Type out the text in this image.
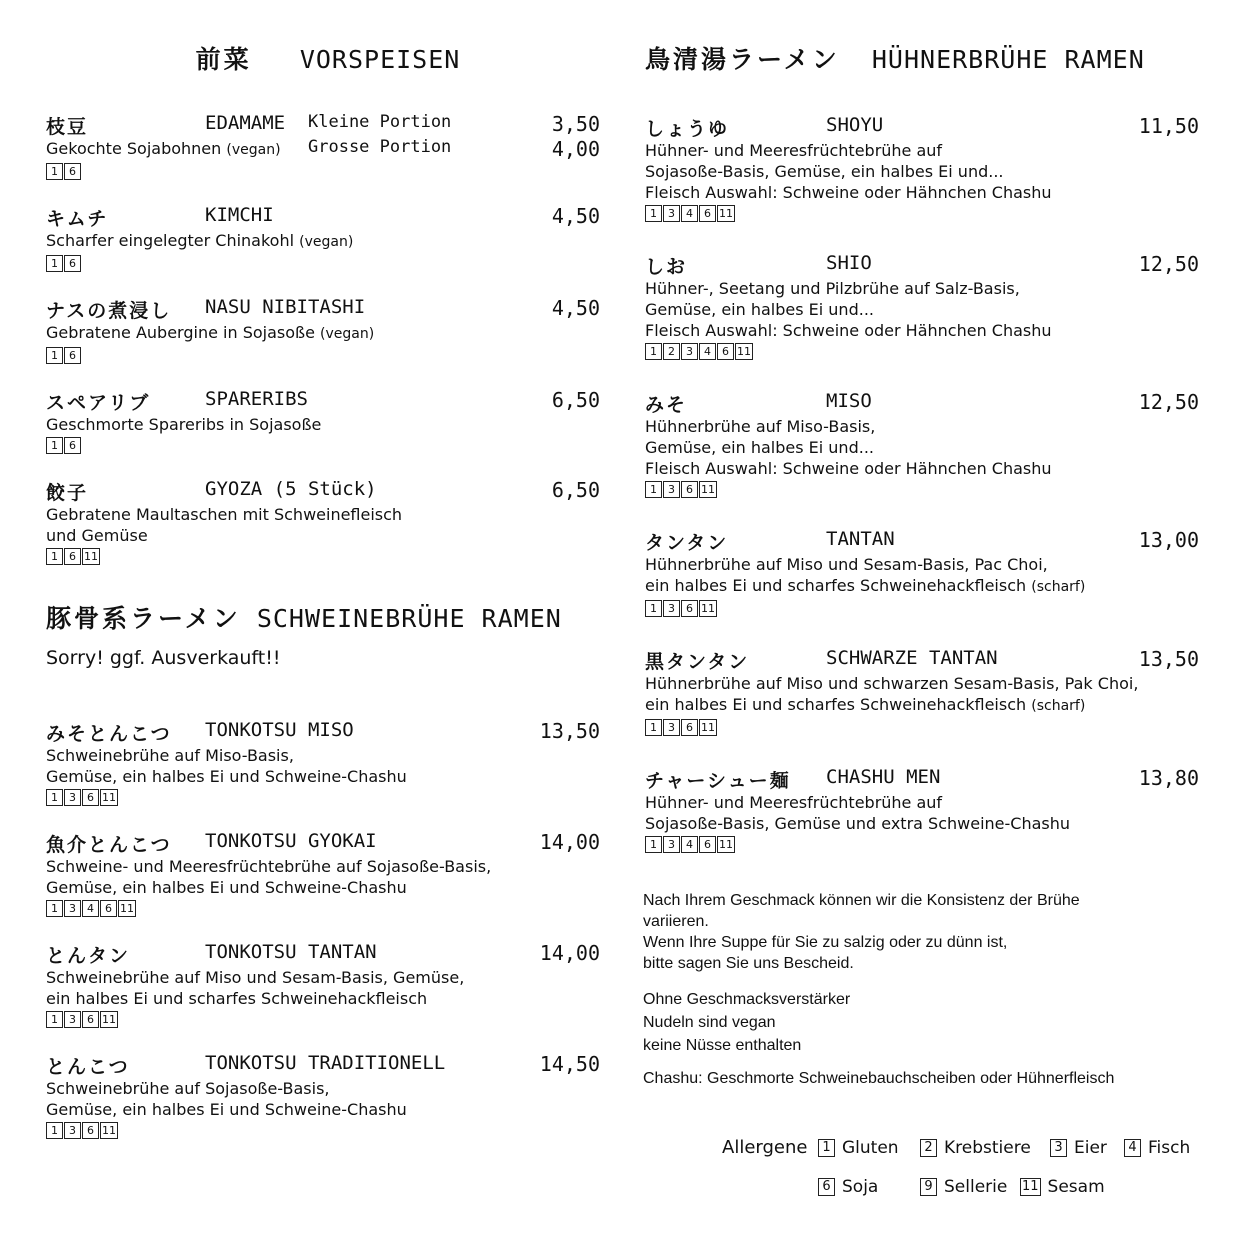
前菜 VORSPEISEN
枝豆	EDAMAME Kleine Portion	3,50
Grosse Portion	4,00
Gekochte Sojabohnen (vegan)
1	6
キムチ	KIMCHI	4,50
Scharfer eingelegter Chinakohl (vegan)
1	6
ナスの煮浸し NASU NIBITASHI	4,50
Gebratene Aubergine in Sojasoße (vegan)
1	6
スペアリブ	SPARERIBS	6,50
Geschmorte Spareribs in Sojasoße
1	6
餃子	GYOZA (5 Stück)	6,50
Gebratene Maultaschen mit Schweinefleisch
und Gemüse
1	6 11
豚骨系ラーメン SCHWEINEBRÜHE RAMEN
Sorry! ggf. Ausverkauft!!
みそとんこつ TONKOTSU MISO	13,50
Schweinebrühe auf Miso-Basis,
Gemüse, ein halbes Ei und Schweine-Chashu
1	3	6 11
魚介とんこつ TONKOTSU GYOKAI	14,00
Schweine- und Meeresfrüchtebrühe auf Sojasoße-Basis,
Gemüse, ein halbes Ei und Schweine-Chashu
1	3	4	6 11
とんタン	TONKOTSU TANTAN	14,00
Schweinebrühe auf Miso und Sesam-Basis, Gemüse,
ein halbes Ei und scharfes Schweinehackfleisch
1	3	6 11
とんこつ	TONKOTSU TRADITIONELL	14,50
Schweinebrühe auf Sojasoße-Basis,
Gemüse, ein halbes Ei und Schweine-Chashu
1	3	6 11
鳥清湯ラーメン HÜHNERBRÜHE RAMEN
しょうゆ	SHOYU	11,50
Hühner- und Meeresfrüchtebrühe auf
Sojasoße-Basis, Gemüse, ein halbes Ei und...
Fleisch Auswahl: Schweine oder Hähnchen Chashu
1	3	4	6 11
しお	SHIO	12,50
Hühner-, Seetang und Pilzbrühe auf Salz-Basis,
Gemüse, ein halbes Ei und...
Fleisch Auswahl: Schweine oder Hähnchen Chashu
1	2	3	4	6 11
みそ	MISO	12,50
Hühnerbrühe auf Miso-Basis,
Gemüse, ein halbes Ei und...
Fleisch Auswahl: Schweine oder Hähnchen Chashu
1	3	6 11
タンタン	TANTAN	13,00
Hühnerbrühe auf Miso und Sesam-Basis, Pac Choi,
ein halbes Ei und scharfes Schweinehackfleisch (scharf)
1	3	6 11
黒タンタン	SCHWARZE TANTAN	13,50
Hühnerbrühe auf Miso und schwarzen Sesam-Basis, Pak Choi,
ein halbes Ei und scharfes Schweinehackfleisch (scharf)
1	3	6 11
チャーシュー麺 CHASHU MEN	13,80
Hühner- und Meeresfrüchtebrühe auf
Sojasoße-Basis, Gemüse und extra Schweine-Chashu
1	3	4	6 11
Nach Ihrem Geschmack können wir die Konsistenz der Brühe
variieren.
Wenn Ihre Suppe für Sie zu salzig oder zu dünn ist,
bitte sagen Sie uns Bescheid.
Ohne Geschmacksverstärker
Nudeln sind vegan
keine Nüsse enthalten
Chashu: Geschmorte Schweinebauchscheiben oder Hühnerfleisch
Allergene	1 Gluten	2 Krebstiere	3 Eier	4 Fisch
6 Soja	9 Sellerie 11 Sesam
